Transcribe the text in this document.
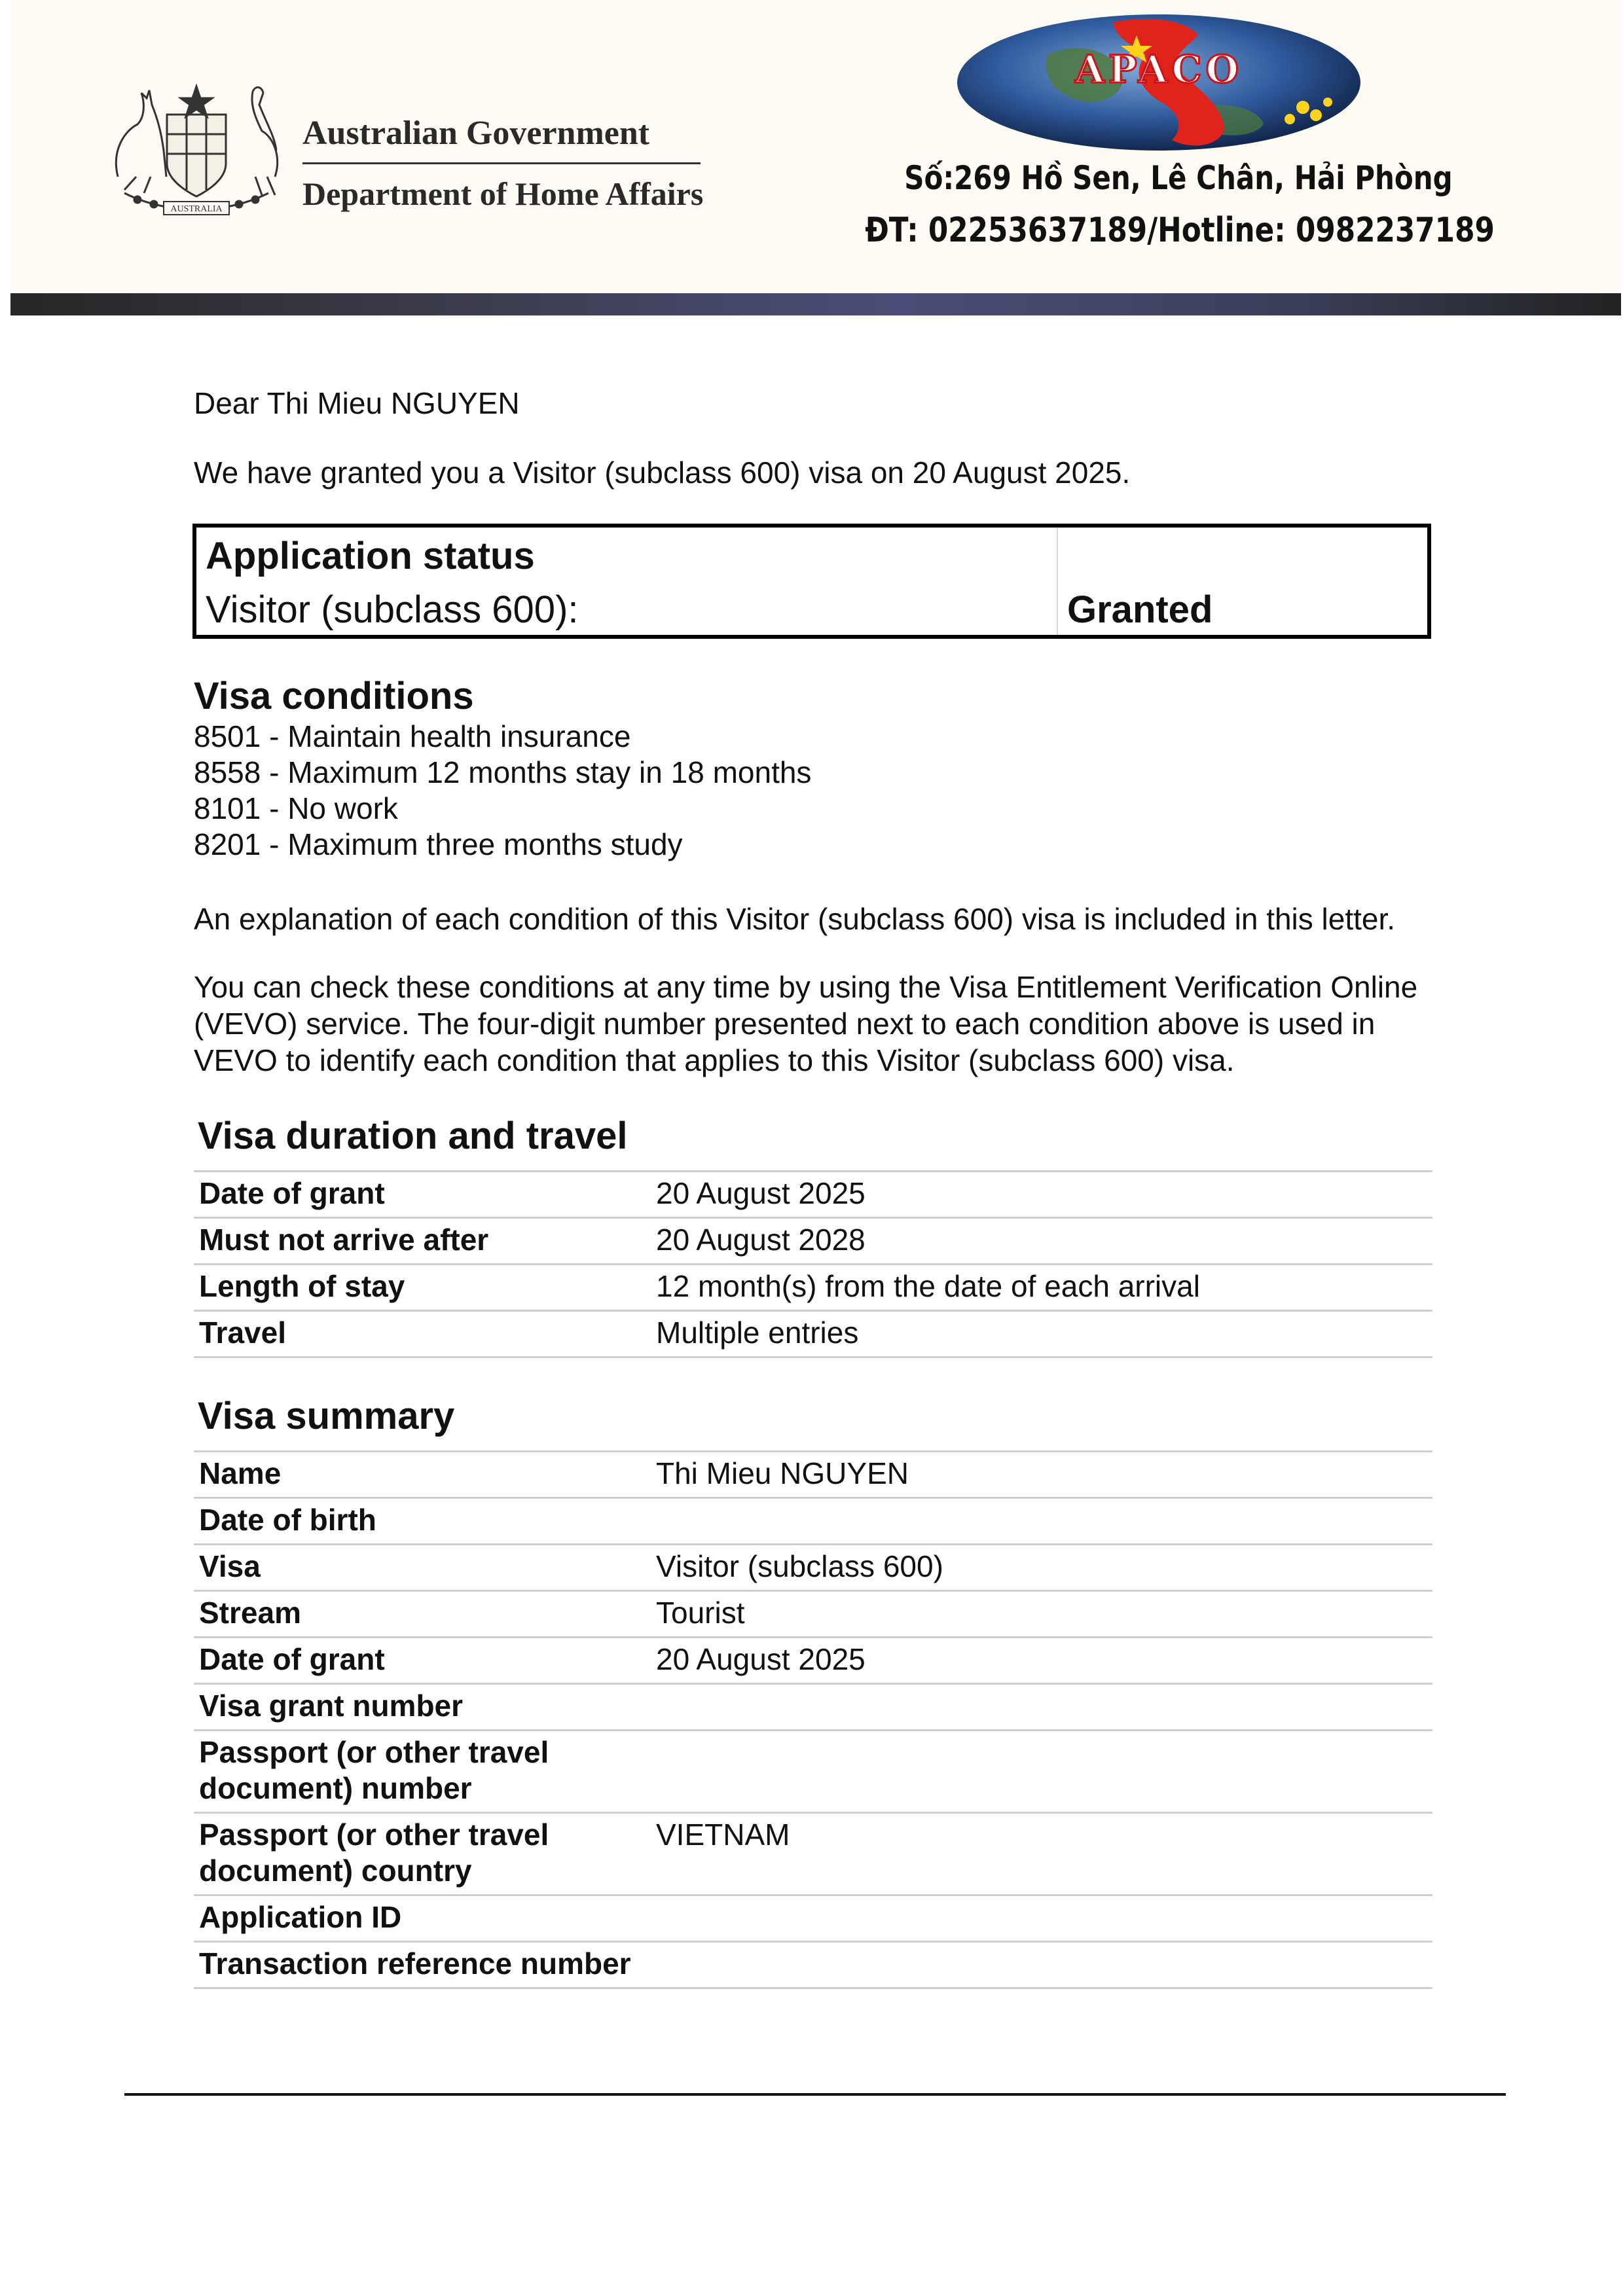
AUSTRALIA
Australian Government
Department of Home Affairs
APACO
Số:269 Hồ Sen, Lê Chân, Hải Phòng
ĐT: 02253637189/Hotline: 0982237189

Dear Thi Mieu NGUYEN

We have granted you a Visitor (subclass 600) visa on 20 August 2025.

Application status
Visitor (subclass 600):	Granted
Visa conditions
8501 - Maintain health insurance
8558 - Maximum 12 months stay in 18 months
8101 - No work
8201 - Maximum three months study

An explanation of each condition of this Visitor (subclass 600) visa is included in this letter.

You can check these conditions at any time by using the Visa Entitlement Verification Online (VEVO) service. The four-digit number presented next to each condition above is used in VEVO to identify each condition that applies to this Visitor (subclass 600) visa.

Visa duration and travel
Date of grant	20 August 2025
Must not arrive after	20 August 2028
Length of stay	12 month(s) from the date of each arrival
Travel	Multiple entries
Visa summary
Name	Thi Mieu NGUYEN
Date of birth	
Visa	Visitor (subclass 600)
Stream	Tourist
Date of grant	20 August 2025
Visa grant number	
Passport (or other travel document) number	
Passport (or other travel document) country	VIETNAM
Application ID	
Transaction reference number	
